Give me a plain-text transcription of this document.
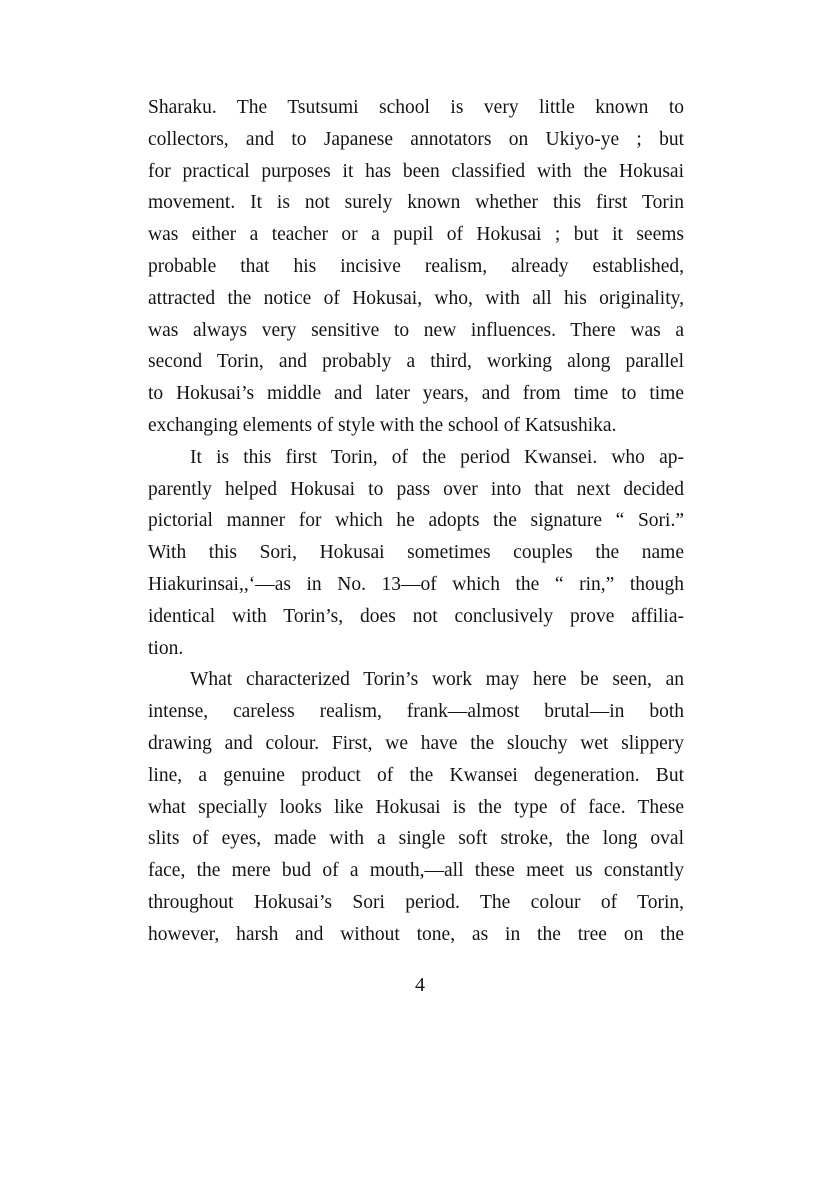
Sharaku. The Tsutsumi school is very little known to

collectors, and to Japanese annotators on Ukiyo-ye ; but

for practical purposes it has been classified with the Hokusai

movement. It is not surely known whether this first Torin

was either a teacher or a pupil of Hokusai ; but it seems

probable that his incisive realism, already established,

attracted the notice of Hokusai, who, with all his originality,

was always very sensitive to new influences. There was a

second Torin, and probably a third, working along parallel

to Hokusai’s middle and later years, and from time to time

exchanging elements of style with the school of Katsushika.

It is this first Torin, of the period Kwansei. who ap-

parently helped Hokusai to pass over into that next decided

pictorial manner for which he adopts the signature “ Sori.”

With this Sori, Hokusai sometimes couples the name

Hiakurinsai,,‘—as in No. 13—of which the “ rin,” though

identical with Torin’s, does not conclusively prove affilia-

tion.

What characterized Torin’s work may here be seen, an

intense, careless realism, frank—almost brutal—in both

drawing and colour. First, we have the slouchy wet slippery

line, a genuine product of the Kwansei degeneration. But

what specially looks like Hokusai is the type of face. These

slits of eyes, made with a single soft stroke, the long oval

face, the mere bud of a mouth,—all these meet us constantly

throughout Hokusai’s Sori period. The colour of Torin,

however, harsh and without tone, as in the tree on the

4
